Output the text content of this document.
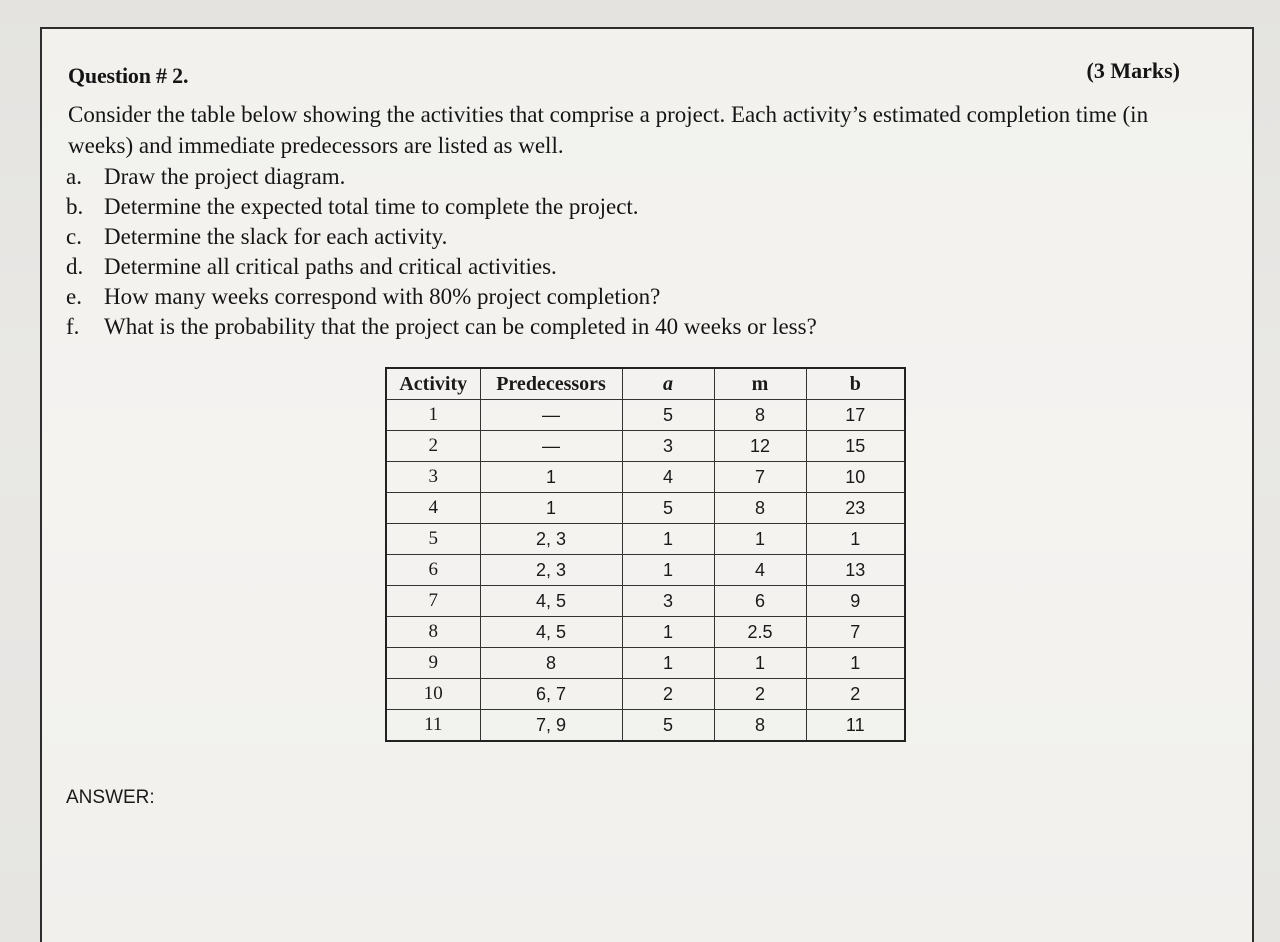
Question # 2.	(3 Marks)
Consider the table below showing the activities that comprise a project. Each activity’s estimated completion time (in weeks) and immediate predecessors are listed as well.
a. Draw the project diagram.
b. Determine the expected total time to complete the project.
c. Determine the slack for each activity.
d. Determine all critical paths and critical activities.
e. How many weeks correspond with 80% project completion?
f.	What is the probability that the project can be completed in 40 weeks or less?
Activity	Predecessors	a	m	b
1	—	5	8	17
2	—	3	12	15
3	1	4	7	10
4	1	5	8	23
5	2, 3	1	1	1
6	2, 3	1	4	13
7	4, 5	3	6	9
8	4, 5	1	2.5	7
9	8	1	1	1
10	6, 7	2	2	2
11	7, 9	5	8	11
ANSWER:
